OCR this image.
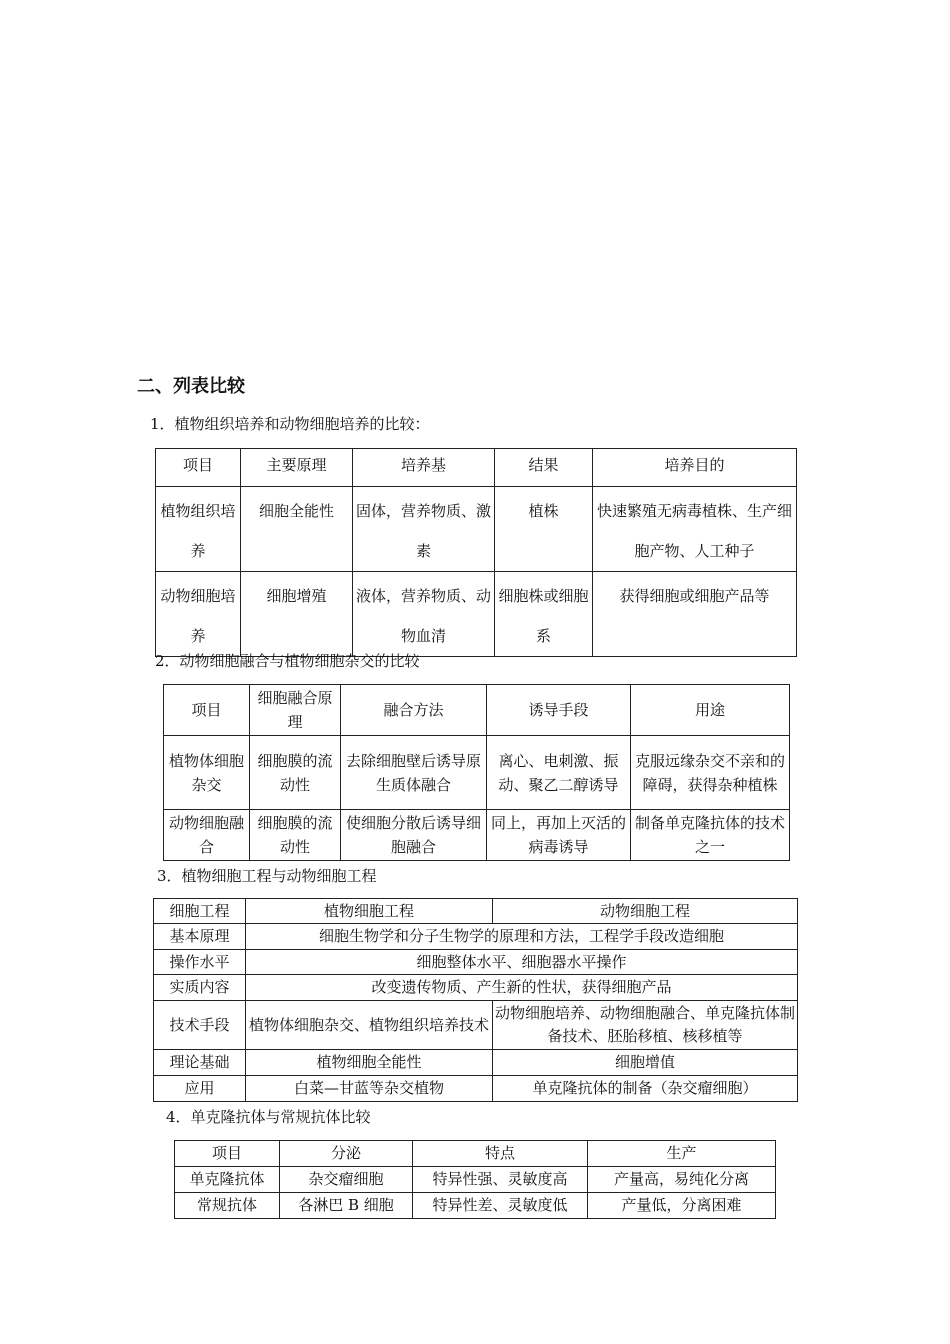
二、列表比较

1．植物组织培养和动物细胞培养的比较：

项目	主要原理	培养基	结果	培养目的
植物组织培养	细胞全能性	固体，营养物质、激素	植株	快速繁殖无病毒植株、生产细胞产物、人工种子
动物细胞培养	细胞增殖	液体，营养物质、动物血清	细胞株或细胞系	获得细胞或细胞产品等

2．动物细胞融合与植物细胞杂交的比较

项目	细胞融合原理	融合方法	诱导手段	用途
植物体细胞杂交	细胞膜的流动性	去除细胞壁后诱导原生质体融合	离心、电刺激、振动、聚乙二醇诱导	克服远缘杂交不亲和的障碍，获得杂种植株
动物细胞融合	细胞膜的流动性	使细胞分散后诱导细胞融合	同上，再加上灭活的病毒诱导	制备单克隆抗体的技术之一

3．植物细胞工程与动物细胞工程

细胞工程	植物细胞工程	动物细胞工程
基本原理	细胞生物学和分子生物学的原理和方法，工程学手段改造细胞	
操作水平	细胞整体水平、细胞器水平操作	
实质内容	改变遗传物质、产生新的性状，获得细胞产品	
技术手段	植物体细胞杂交、植物组织培养技术	动物细胞培养、动物细胞融合、单克隆抗体制备技术、胚胎移植、核移植等
理论基础	植物细胞全能性	细胞增值
应用	白菜—甘蓝等杂交植物	单克隆抗体的制备（杂交瘤细胞）

4．单克隆抗体与常规抗体比较

项目	分泌	特点	生产
单克隆抗体	杂交瘤细胞	特异性强、灵敏度高	产量高，易纯化分离
常规抗体	各淋巴 B 细胞	特异性差、灵敏度低	产量低，分离困难
